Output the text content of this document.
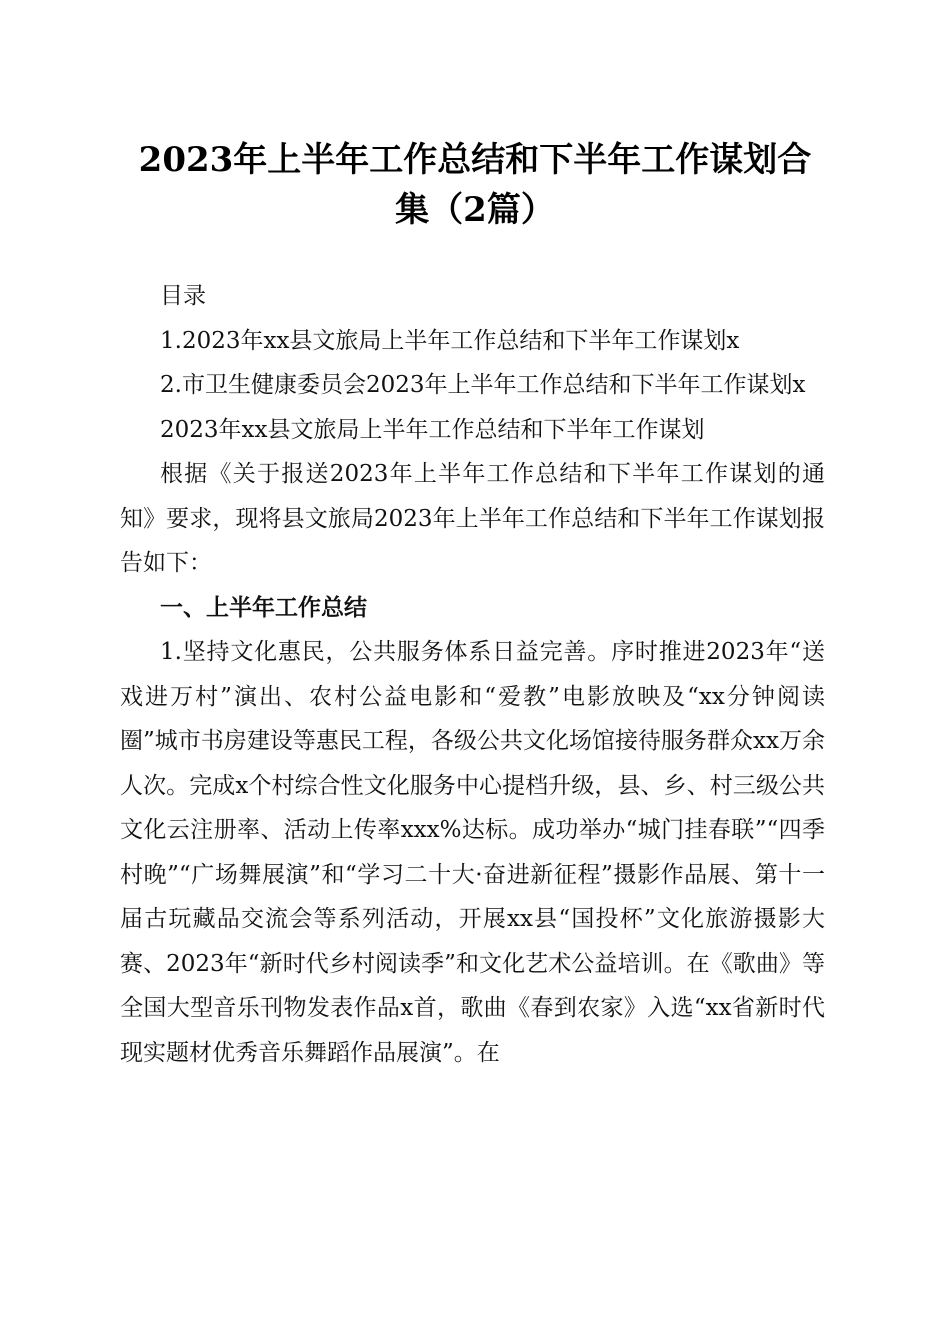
2023年上半年工作总结和下半年工作谋划合
集（2篇）

目录

1.2023年xx县文旅局上半年工作总结和下半年工作谋划x

2.市卫生健康委员会2023年上半年工作总结和下半年工作谋划x

2023年xx县文旅局上半年工作总结和下半年工作谋划

根据《关于报送2023年上半年工作总结和下半年工作谋划的通知》要求，现将县文旅局2023年上半年工作总结和下半年工作谋划报告如下：

一、上半年工作总结

1.坚持文化惠民，公共服务体系日益完善。序时推进2023年“送戏进万村”演出、农村公益电影和“爱教”电影放映及“xx分钟阅读圈”城市书房建设等惠民工程，各级公共文化场馆接待服务群众xx万余人次。完成x个村综合性文化服务中心提档升级，县、乡、村三级公共文化云注册率、活动上传率xxx%达标。成功举办“城门挂春联”“四季村晚”“广场舞展演”和“学习二十大·奋进新征程”摄影作品展、第十一届古玩藏品交流会等系列活动，开展xx县“国投杯”文化旅游摄影大赛、2023年“新时代乡村阅读季”和文化艺术公益培训。在《歌曲》等全国大型音乐刊物发表作品x首，歌曲《春到农家》入选“xx省新时代现实题材优秀音乐舞蹈作品展演”。在
